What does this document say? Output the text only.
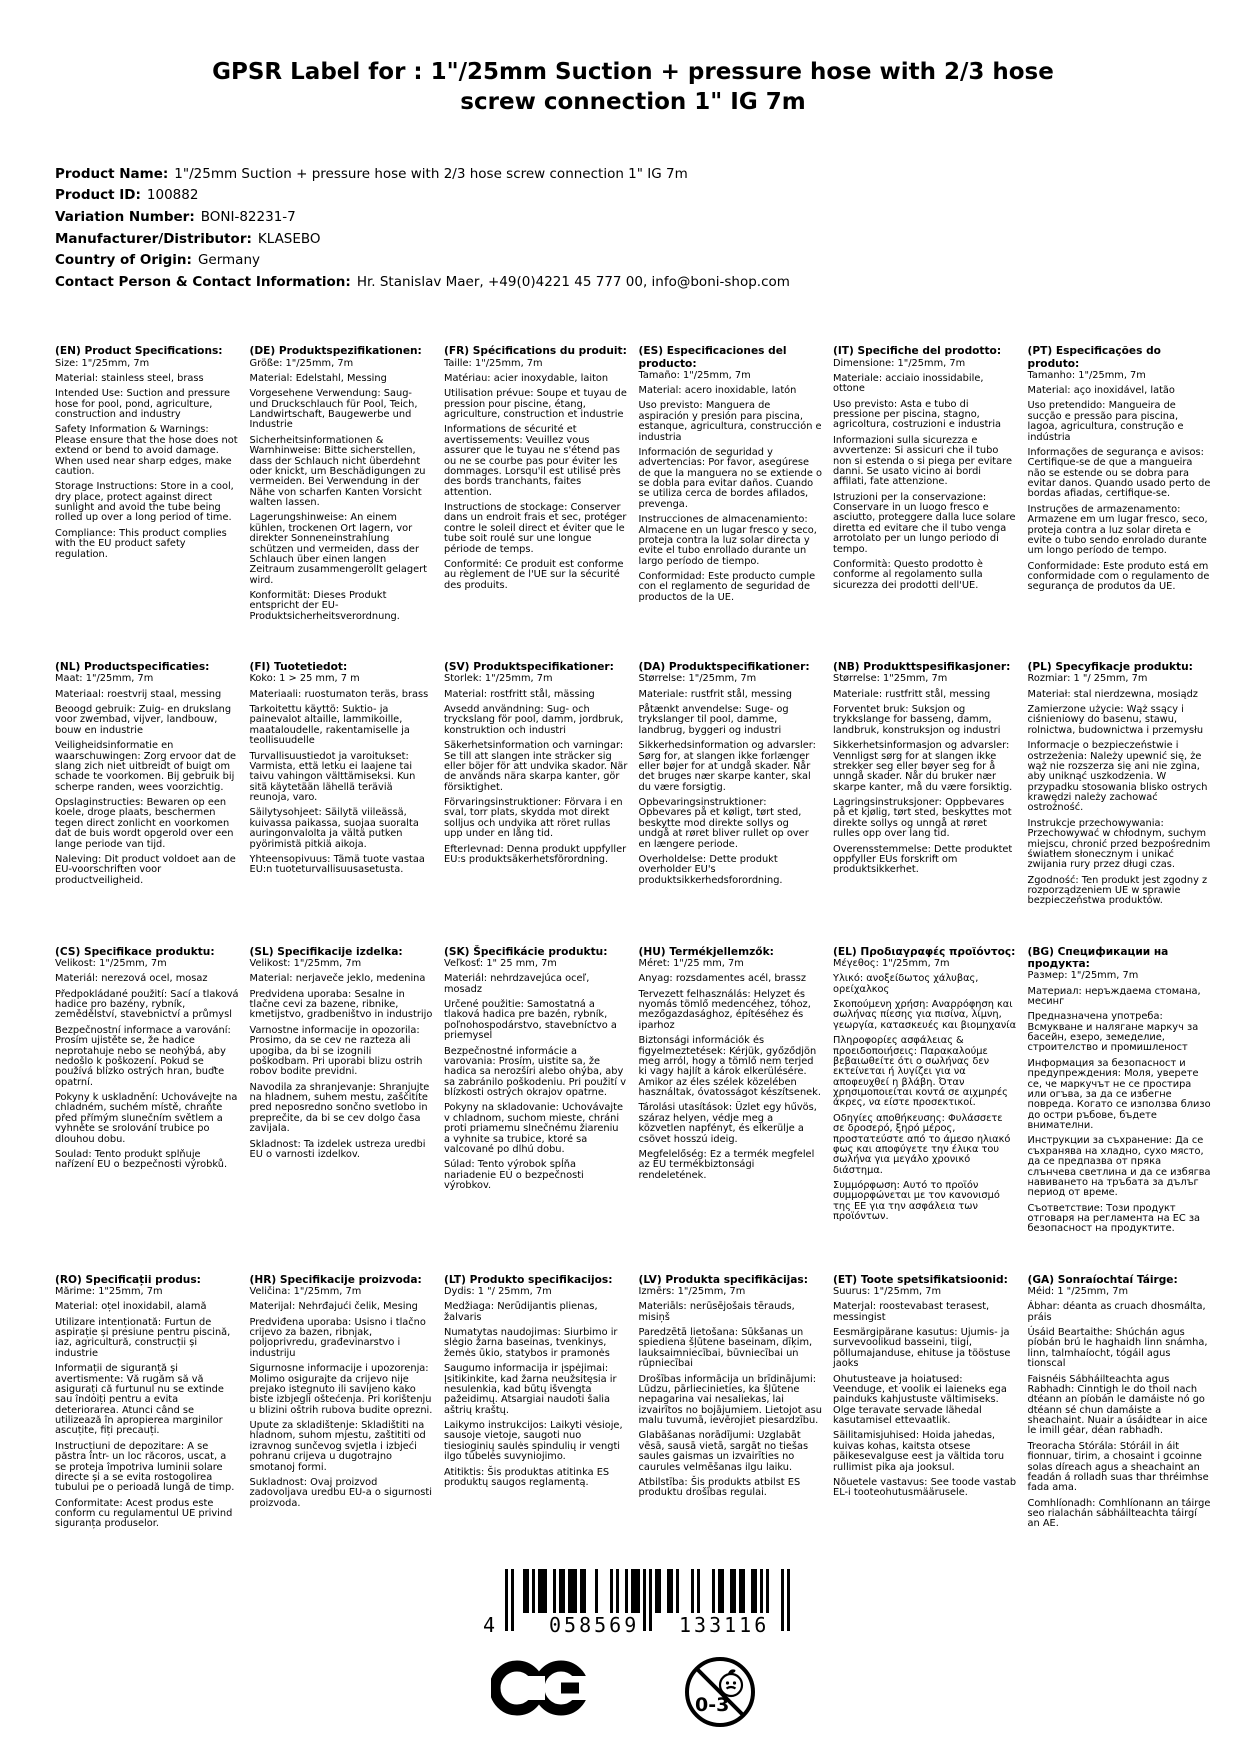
GPSR Label for : 1"/25mm Suction + pressure hose with 2/3 hose screw connection 1" IG 7m
Product Name: 1"/25mm Suction + pressure hose with 2/3 hose screw connection 1" IG 7m
Product ID: 100882
Variation Number: BONI-82231-7
Manufacturer/Distributor: KLASEBO
Country of Origin: Germany
Contact Person & Contact Information: Hr. Stanislav Maer, +49(0)4221 45 777 00, info@boni-shop.com
(EN) Product Specifications:

Size: 1"/25mm, 7m

Material: stainless steel, brass

Intended Use: Suction and pressure hose for pool, pond, agriculture, construction and industry

Safety Information & Warnings: Please ensure that the hose does not extend or bend to avoid damage. When used near sharp edges, make caution.

Storage Instructions: Store in a cool, dry place, protect against direct sunlight and avoid the tube being rolled up over a long period of time.

Compliance: This product complies with the EU product safety regulation.

(DE) Produktspezifikationen:

Größe: 1"/25mm, 7m

Material: Edelstahl, Messing

Vorgesehene Verwendung: Saug- und Druckschlauch für Pool, Teich, Landwirtschaft, Baugewerbe und Industrie

Sicherheitsinformationen & Warnhinweise: Bitte sicherstellen, dass der Schlauch nicht überdehnt oder knickt, um Beschädigungen zu vermeiden. Bei Verwendung in der Nähe von scharfen Kanten Vorsicht walten lassen.

Lagerungshinweise: An einem kühlen, trockenen Ort lagern, vor direkter Sonneneinstrahlung schützen und vermeiden, dass der Schlauch über einen langen Zeitraum zusammengerollt gelagert wird.

Konformität: Dieses Produkt entspricht der EU-Produktsicherheitsverordnung.

(FR) Spécifications du produit:

Taille: 1"/25mm, 7m

Matériau: acier inoxydable, laiton

Utilisation prévue: Soupe et tuyau de pression pour piscine, étang, agriculture, construction et industrie

Informations de sécurité et avertissements: Veuillez vous assurer que le tuyau ne s'étend pas ou ne se courbe pas pour éviter les dommages. Lorsqu'il est utilisé près des bords tranchants, faites attention.

Instructions de stockage: Conserver dans un endroit frais et sec, protéger contre le soleil direct et éviter que le tube soit roulé sur une longue période de temps.

Conformité: Ce produit est conforme au règlement de l'UE sur la sécurité des produits.

(ES) Especificaciones del producto:

Tamaño: 1"/25mm, 7m

Material: acero inoxidable, latón

Uso previsto: Manguera de aspiración y presión para piscina, estanque, agricultura, construcción e industria

Información de seguridad y advertencias: Por favor, asegúrese de que la manguera no se extiende o se dobla para evitar daños. Cuando se utiliza cerca de bordes afilados, prevenga.

Instrucciones de almacenamiento: Almacene en un lugar fresco y seco, proteja contra la luz solar directa y evite el tubo enrollado durante un largo período de tiempo.

Conformidad: Este producto cumple con el reglamento de seguridad de productos de la UE.

(IT) Specifiche del prodotto:

Dimensione: 1"/25mm, 7m

Materiale: acciaio inossidabile, ottone

Uso previsto: Asta e tubo di pressione per piscina, stagno, agricoltura, costruzioni e industria

Informazioni sulla sicurezza e avvertenze: Si assicuri che il tubo non si estenda o si piega per evitare danni. Se usato vicino ai bordi affilati, fate attenzione.

Istruzioni per la conservazione: Conservare in un luogo fresco e asciutto, proteggere dalla luce solare diretta ed evitare che il tubo venga arrotolato per un lungo periodo di tempo.

Conformità: Questo prodotto è conforme al regolamento sulla sicurezza dei prodotti dell'UE.

(PT) Especificações do produto:

Tamanho: 1"/25mm, 7m

Material: aço inoxidável, latão

Uso pretendido: Mangueira de sucção e pressão para piscina, lagoa, agricultura, construção e indústria

Informações de segurança e avisos: Certifique-se de que a mangueira não se estende ou se dobra para evitar danos. Quando usado perto de bordas afiadas, certifique-se.

Instruções de armazenamento: Armazene em um lugar fresco, seco, proteja contra a luz solar direta e evite o tubo sendo enrolado durante um longo período de tempo.

Conformidade: Este produto está em conformidade com o regulamento de segurança de produtos da UE.

(NL) Productspecificaties:

Maat: 1"/25mm, 7m

Materiaal: roestvrij staal, messing

Beoogd gebruik: Zuig- en drukslang voor zwembad, vijver, landbouw, bouw en industrie

Veiligheidsinformatie en waarschuwingen: Zorg ervoor dat de slang zich niet uitbreidt of buigt om schade te voorkomen. Bij gebruik bij scherpe randen, wees voorzichtig.

Opslaginstructies: Bewaren op een koele, droge plaats, beschermen tegen direct zonlicht en voorkomen dat de buis wordt opgerold over een lange periode van tijd.

Naleving: Dit product voldoet aan de EU-voorschriften voor productveiligheid.

(FI) Tuotetiedot:

Koko: 1 > 25 mm, 7 m

Materiaali: ruostumaton teräs, brass

Tarkoitettu käyttö: Suktio- ja painevalot altaille, lammikoille, maataloudelle, rakentamiselle ja teollisuudelle

Turvallisuustiedot ja varoitukset: Varmista, että letku ei laajene tai taivu vahingon välttämiseksi. Kun sitä käytetään lähellä teräviä reunoja, varo.

Säilytysohjeet: Säilytä viileässä, kuivassa paikassa, suojaa suoralta auringonvalolta ja vältä putken pyörimistä pitkiä aikoja.

Yhteensopivuus: Tämä tuote vastaa EU:n tuoteturvallisuusasetusta.

(SV) Produktspecifikationer:

Storlek: 1"/25mm, 7m

Material: rostfritt stål, mässing

Avsedd användning: Sug- och tryckslang för pool, damm, jordbruk, konstruktion och industri

Säkerhetsinformation och varningar: Se till att slangen inte sträcker sig eller böjer för att undvika skador. När de används nära skarpa kanter, gör försiktighet.

Förvaringsinstruktioner: Förvara i en sval, torr plats, skydda mot direkt solljus och undvika att röret rullas upp under en lång tid.

Efterlevnad: Denna produkt uppfyller EU:s produktsäkerhetsförordning.

(DA) Produktspecifikationer:

Størrelse: 1"/25mm, 7m

Materiale: rustfrit stål, messing

Påtænkt anvendelse: Suge- og trykslanger til pool, damme, landbrug, byggeri og industri

Sikkerhedsinformation og advarsler: Sørg for, at slangen ikke forlænger eller bøjer for at undgå skader. Når det bruges nær skarpe kanter, skal du være forsigtig.

Opbevaringsinstruktioner: Opbevares på et køligt, tørt sted, beskytte mod direkte sollys og undgå at røret bliver rullet op over en længere periode.

Overholdelse: Dette produkt overholder EU's produktsikkerhedsforordning.

(NB) Produkttspesifikasjoner:

Størrelse: 1"25mm, 7m

Materiale: rustfritt stål, messing

Forventet bruk: Suksjon og trykkslange for basseng, damm, landbruk, konstruksjon og industri

Sikkerhetsinformasjon og advarsler: Vennligst sørg for at slangen ikke strekker seg eller bøyer seg for å unngå skader. Når du bruker nær skarpe kanter, må du være forsiktig.

Lagringsinstruksjoner: Oppbevares på et kjølig, tørt sted, beskyttes mot direkte sollys og unngå at røret rulles opp over lang tid.

Overensstemmelse: Dette produktet oppfyller EUs forskrift om produktsikkerhet.

(PL) Specyfikacje produktu:

Rozmiar: 1 "/ 25mm, 7m

Materiał: stal nierdzewna, mosiądz

Zamierzone użycie: Wąż ssący i ciśnieniowy do basenu, stawu, rolnictwa, budownictwa i przemysłu

Informacje o bezpieczeństwie i ostrzeżenia: Należy upewnić się, że wąż nie rozszerza się ani nie zgina, aby uniknąć uszkodzenia. W przypadku stosowania blisko ostrych krawędzi należy zachować ostrożność.

Instrukcje przechowywania: Przechowywać w chłodnym, suchym miejscu, chronić przed bezpośrednim światłem słonecznym i unikać zwijania rury przez długi czas.

Zgodność: Ten produkt jest zgodny z rozporządzeniem UE w sprawie bezpieczeństwa produktów.

(CS) Specifikace produktu:

Velikost: 1"/25mm, 7m

Materiál: nerezová ocel, mosaz

Předpokládané použití: Sací a tlaková hadice pro bazény, rybník, zemědělství, stavebnictví a průmysl

Bezpečnostní informace a varování: Prosím ujistěte se, že hadice neprotahuje nebo se neohýbá, aby nedošlo k poškození. Pokud se používá blízko ostrých hran, buďte opatrní.

Pokyny k uskladnění: Uchovávejte na chladném, suchém místě, chraňte před přímým slunečním světlem a vyhněte se srolování trubice po dlouhou dobu.

Soulad: Tento produkt splňuje nařízení EU o bezpečnosti výrobků.

(SL) Specifikacije izdelka:

Velikost: 1"/25mm, 7m

Material: nerjaveče jeklo, medenina

Predvidena uporaba: Sesalne in tlačne cevi za bazene, ribnike, kmetijstvo, gradbeništvo in industrijo

Varnostne informacije in opozorila: Prosimo, da se cev ne razteza ali upogiba, da bi se izognili poškodbam. Pri uporabi blizu ostrih robov bodite previdni.

Navodila za shranjevanje: Shranjujte na hladnem, suhem mestu, zaščitite pred neposredno sončno svetlobo in preprečite, da bi se cev dolgo časa zavijala.

Skladnost: Ta izdelek ustreza uredbi EU o varnosti izdelkov.

(SK) Špecifikácie produktu:

Veľkosť: 1" 25 mm, 7m

Materiál: nehrdzavejúca oceľ, mosadz

Určené použitie: Samostatná a tlaková hadica pre bazén, rybník, poľnohospodárstvo, stavebníctvo a priemysel

Bezpečnostné informácie a varovania: Prosím, uistite sa, že hadica sa nerozšíri alebo ohýba, aby sa zabránilo poškodeniu. Pri použití v blízkosti ostrých okrajov opatrne.

Pokyny na skladovanie: Uchovávajte v chladnom, suchom mieste, chráni proti priamemu slnečnému žiareniu a vyhnite sa trubice, ktoré sa valcované po dlhú dobu.

Súlad: Tento výrobok spĺňa nariadenie EÚ o bezpečnosti výrobkov.

(HU) Termékjellemzők:

Méret: 1"/25 mm, 7m

Anyag: rozsdamentes acél, brassz

Tervezett felhasználás: Helyzet és nyomás tömlő medencéhez, tóhoz, mezőgazdasághoz, építéséhez és iparhoz

Biztonsági információk és figyelmeztetések: Kérjük, győződjön meg arról, hogy a tömlő nem terjed ki vagy hajlít a károk elkerülésére. Amikor az éles szélek közelében használtak, óvatosságot készítsenek.

Tárolási utasítások: Üzlet egy hűvös, száraz helyen, védje meg a közvetlen napfényt, és elkerülje a csövet hosszú ideig.

Megfelelőség: Ez a termék megfelel az EU termékbiztonsági rendeletének.

(EL) Προδιαγραφές προϊόντος:

Μέγεθος: 1"/25mm, 7m

Υλικό: ανοξείδωτος χάλυβας, ορείχαλκος

Σκοπούμενη χρήση: Αναρρόφηση και σωλήνας πίεσης για πισίνα, λίμνη, γεωργία, κατασκευές και βιομηχανία

Πληροφορίες ασφάλειας & προειδοποιήσεις: Παρακαλούμε βεβαιωθείτε ότι ο σωλήνας δεν εκτείνεται ή λυγίζει για να αποφευχθεί η βλάβη. Όταν χρησιμοποιείται κοντά σε αιχμηρές άκρες, να είστε προσεκτικοί.

Οδηγίες αποθήκευσης: Φυλάσσετε σε δροσερό, ξηρό μέρος, προστατεύστε από το άμεσο ηλιακό φως και αποφύγετε την έλικα του σωλήνα για μεγάλο χρονικό διάστημα.

Συμμόρφωση: Αυτό το προϊόν συμμορφώνεται με τον κανονισμό της ΕΕ για την ασφάλεια των προϊόντων.

(BG) Спецификации на продукта:

Размер: 1"/25mm, 7m

Материал: неръждаема стомана, месинг

Предназначена употреба: Всмукване и налягане маркуч за басейн, езеро, земеделие, строителство и промишленост

Информация за безопасност и предупреждения: Моля, уверете се, че маркучът не се простира или огъва, за да се избегне повреда. Когато се използва близо до остри ръбове, бъдете внимателни.

Инструкции за съхранение: Да се съхранява на хладно, сухо място, да се предпазва от пряка слънчева светлина и да се избягва навиването на тръбата за дълъг период от време.

Съответствие: Този продукт отговаря на регламента на ЕС за безопасност на продуктите.

(RO) Specificații produs:

Mărime: 1"25mm, 7m

Material: oțel inoxidabil, alamă

Utilizare intenționată: Furtun de aspirație și presiune pentru piscină, iaz, agricultură, construcții și industrie

Informații de siguranță și avertismente: Vă rugăm să vă asigurați că furtunul nu se extinde sau îndoiți pentru a evita deteriorarea. Atunci când se utilizează în apropierea marginilor ascuțite, fiți precauți.

Instrucțiuni de depozitare: A se păstra într- un loc răcoros, uscat, a se proteja împotriva luminii solare directe și a se evita rostogolirea tubului pe o perioadă lungă de timp.

Conformitate: Acest produs este conform cu regulamentul UE privind siguranța produselor.

(HR) Specifikacije proizvoda:

Veličina: 1"/25mm, 7m

Materijal: Nehrđajući čelik, Mesing

Predviđena uporaba: Usisno i tlačno crijevo za bazen, ribnjak, poljoprivredu, građevinarstvo i industriju

Sigurnosne informacije i upozorenja: Molimo osigurajte da crijevo nije prejako istegnuto ili savijeno kako biste izbjegli oštećenja. Pri korištenju u blizini oštrih rubova budite oprezni.

Upute za skladištenje: Skladištiti na hladnom, suhom mjestu, zaštititi od izravnog sunčevog svjetla i izbjeći pohranu crijeva u dugotrajno smotanoj formi.

Sukladnost: Ovaj proizvod zadovoljava uredbu EU-a o sigurnosti proizvoda.

(LT) Produkto specifikacijos:

Dydis: 1 "/ 25mm, 7m

Medžiaga: Nerūdijantis plienas, žalvaris

Numatytas naudojimas: Siurbimo ir slėgio žarna baseinas, tvenkinys, žemės ūkio, statybos ir pramonės

Saugumo informacija ir įspėjimai: Įsitikinkite, kad žarna neužsitęsia ir nesulenkia, kad būtų išvengta pažeidimų. Atsargiai naudoti šalia aštrių kraštų.

Laikymo instrukcijos: Laikyti vėsioje, sausoje vietoje, saugoti nuo tiesioginių saulės spindulių ir vengti ilgo tūbelės suvyniojimo.

Atitiktis: Šis produktas atitinka ES produktų saugos reglamentą.

(LV) Produkta specifikācijas:

Izmērs: 1"/25mm, 7m

Materiāls: nerūsējošais tērauds, misiņš

Paredzētā lietošana: Sūkšanas un spiediena šļūtene baseinam, dīķim, lauksaimniecībai, būvniecībai un rūpniecībai

Drošības informācija un brīdinājumi: Lūdzu, pārliecinieties, ka šļūtene nepagarina vai nesaliekas, lai izvairītos no bojājumiem. Lietojot asu malu tuvumā, ievērojiet piesardzību.

Glabāšanas norādījumi: Uzglabāt vēsā, sausā vietā, sargāt no tiešas saules gaismas un izvairīties no caurules velmēšanas ilgu laiku.

Atbilstība: Šis produkts atbilst ES produktu drošības regulai.

(ET) Toote spetsifikatsioonid:

Suurus: 1"/25mm, 7m

Materjal: roostevabast terasest, messingist

Eesmärgipärane kasutus: Ujumis- ja survevoolikud basseini, tiigi, põllumajanduse, ehituse ja tööstuse jaoks

Ohutusteave ja hoiatused: Veenduge, et voolik ei laieneks ega painduks kahjustuste vältimiseks. Olge teravate servade lähedal kasutamisel ettevaatlik.

Säilitamisjuhised: Hoida jahedas, kuivas kohas, kaitsta otsese päikesevalguse eest ja vältida toru rullimist pika aja jooksul.

Nõuetele vastavus: See toode vastab EL-i tooteohutusmäärusele.

(GA) Sonraíochtaí Táirge:

Méid: 1 "/25mm, 7m

Ábhar: déanta as cruach dhosmálta, práis

Úsáid Beartaithe: Shúchán agus píobán brú le haghaidh linn snámha, linn, talmhaíocht, tógáil agus tionscal

Faisnéis Sábháilteachta agus Rabhadh: Cinntigh le do thoil nach dtéann an píobán le damáiste nó go dtéann sé chun damáiste a sheachaint. Nuair a úsáidtear in aice le imill géar, déan rabhadh.

Treoracha Stórála: Stóráil in áit fionnuar, tirim, a chosaint i gcoinne solas díreach agus a sheachaint an feadán á rolladh suas thar thréimhse fada ama.

Comhlíonadh: Comhlíonann an táirge seo rialachán sábháilteachta táirgí an AE.

4	058569 133116
0-3
